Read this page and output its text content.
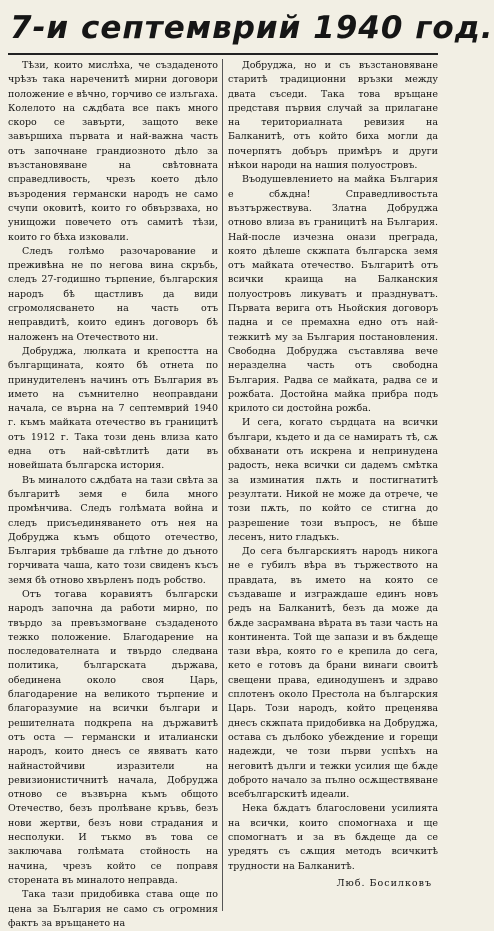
7-и септемврий 1940 год.

Тѣзи, които мислѣха, че създаденото чрѣзъ така нареченитѣ мирни договори положение е вѣчно, горчиво се излъгаха. Колелото на сѫдбата все пакъ много скоро се завърти, защото веке завършиха първата и най-важна часть отъ започнане грандиозното дѣло за възстановяване на свѣтовната справедливость, чрезъ което дѣло възродения германски народъ не само счупи оковитѣ, които го обвързваха, но унищожи повечето отъ самитѣ тѣзи, които го бѣха изковали.

Следъ голѣмо разочарование и преживѣна не по негова вина скръбь, следъ 27-годишно търпение, българския народъ бѣ щастливъ да види сгромолясването на часть отъ неправдитѣ, които единъ договоръ бѣ наложенъ на Отечеството ни.

Добруджа, люлката и крепостта на българщината, която бѣ отнета по принудителенъ начинъ отъ България въ името на съмнително неоправдани начала, се върна на 7 септемврий 1940 г. къмъ майката отечество въ границитѣ отъ 1912 г. Така този день влиза като една отъ най-свѣтлитѣ дати въ новейшата българска история.

Въ миналото сѫдбата на тази свѣта за българитѣ земя е била много промѣнчива. Следъ голѣмата война и следъ присъединяването отъ нея на Добруджа къмъ общото отечество, България трѣбваше да глѣтне до дъното горчивата чаша, като този свиденъ късъ земя бѣ отново хвърленъ подъ робство.

Отъ тогава коравиятъ български народъ започна да работи мирно, по твърдо за превъзмогване създаденото тежко положение. Благодарение на последователната и твърдо следвана политика, българската държава, обединена около своя Царь, благодарение на великото търпение и благоразумие на всички българи и решителната подкрепа на държавитѣ отъ оста — германски и италиански народъ, които днесъ се явяватъ като найнастойчиви изразители на ревизионистичнитѣ начала, Добруджа отново се възвърна къмъ общото Отечество, безъ пролѣване кръвь, безъ нови жертви, безъ нови страдания и несполуки. И тъкмо въ това се заключава голѣмата стойность на начина, чрезъ който се поправя сторената въ миналото неправда.

Така тази придобивка става още по цена за България не само съ огромния фактъ за връщането на

Добруджа, но и съ възстановяване старитѣ традиционни връзки между двата съседи. Така това връщане представя първия случай за прилагане на териториалната ревизия на Балканитѣ, отъ който биха могли да почерпятъ добъръ примѣръ и други нѣкои народи на нашия полуостровъ.

Въодушевлението на майка България е сбѫдна! Справедливостьта възтържествува. Златна Добруджа отново влиза въ границитѣ на България. Най-после изчезна онази преграда, която дѣлеше скжпата българска земя отъ майката отечество. Българитѣ отъ всички краища на Балканския полуостровъ ликуватъ и празднуватъ. Първата верига отъ Ньойския договоръ падна и се премахна едно отъ най-тежкитѣ му за България постановления. Свободна Добруджа съставлява вече неразделна часть отъ свободна България. Радва се майката, радва се и рожбата. Достойна майка прибра подъ крилото си достойна рожба.

И сега, когато сърдцата на всички българи, където и да се намиратъ тѣ, сѫ обхванати отъ искрена и непринудена радость, нека всички си дадемъ смѣтка за изминатия пѫть и постигнатитѣ резултати. Никой не може да отрече, че този пѫть, по който се стигна до разрешение този въпросъ, не бѣше лесенъ, нито гладъкъ.

До сега българскиятъ народъ никога не е губилъ вѣра въ тържеството на правдата, въ името на която се създаваше и изграждаше единъ новъ редъ на Балканитѣ, безъ да може да бѫде засрамвана вѣрата въ тази часть на континента. Той ще запази и въ бѫдеще тази вѣра, която го е крепила до сега, кето е готовъ да брани винаги своитѣ свещени права, единодушенъ и здраво сплотенъ около Престола на българския Царь. Този народъ, който преценява днесъ скжпата придобивка на Добруджа, остава съ дълбоко убеждение и горещи надежди, че този първи успѣхъ на неговитѣ дълги и тежки усилия ще бѫде доброто начало за пълно осѫществяване всебългарскитѣ идеали.

Нека бѫдатъ благословени усилията на всички, които спомогнаха и ще спомогнатъ и за въ бѫдеще да се уредятъ съ сѫщия методъ всичкитѣ трудности на Балканитѣ.

Люб. Босилковъ
